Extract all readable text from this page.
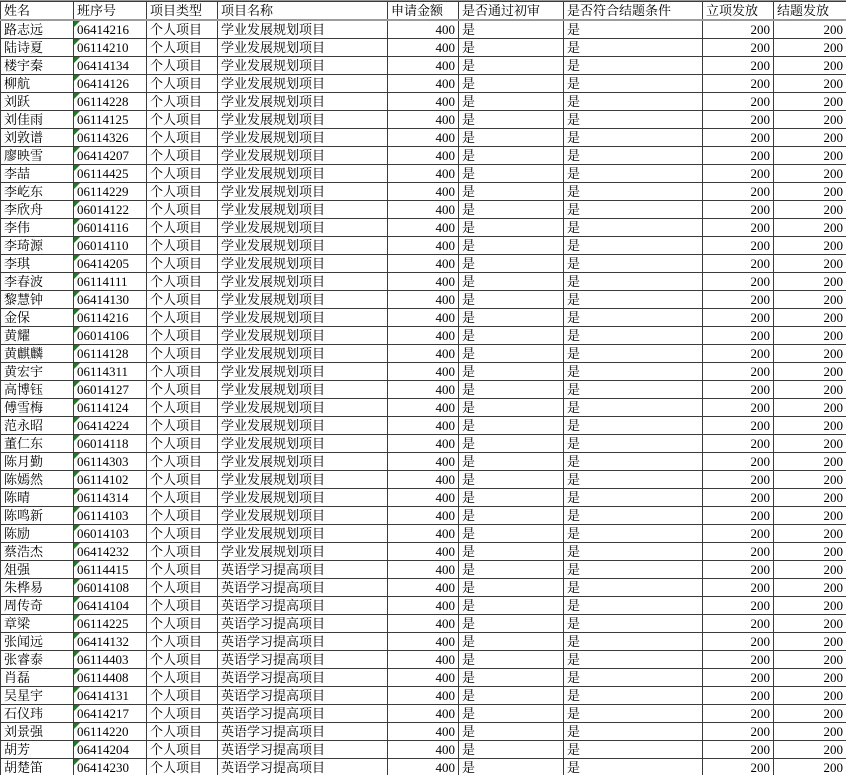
姓名	班序号	项目类型	项目名称	申请金额	是否通过初审	是否符合结题条件	立项发放	结题发放
路志远	06414216	个人项目	学业发展规划项目	400	是	是	200	200
陆诗夏	06114210	个人项目	学业发展规划项目	400	是	是	200	200
楼宇秦	06414134	个人项目	学业发展规划项目	400	是	是	200	200
柳航	06414126	个人项目	学业发展规划项目	400	是	是	200	200
刘跃	06114228	个人项目	学业发展规划项目	400	是	是	200	200
刘佳雨	06114125	个人项目	学业发展规划项目	400	是	是	200	200
刘敦谱	06114326	个人项目	学业发展规划项目	400	是	是	200	200
廖映雪	06414207	个人项目	学业发展规划项目	400	是	是	200	200
李喆	06114425	个人项目	学业发展规划项目	400	是	是	200	200
李屹东	06114229	个人项目	学业发展规划项目	400	是	是	200	200
李欣舟	06014122	个人项目	学业发展规划项目	400	是	是	200	200
李伟	06014116	个人项目	学业发展规划项目	400	是	是	200	200
李琦源	06014110	个人项目	学业发展规划项目	400	是	是	200	200
李琪	06414205	个人项目	学业发展规划项目	400	是	是	200	200
李春波	06114111	个人项目	学业发展规划项目	400	是	是	200	200
黎慧钟	06414130	个人项目	学业发展规划项目	400	是	是	200	200
金保	06114216	个人项目	学业发展规划项目	400	是	是	200	200
黄耀	06014106	个人项目	学业发展规划项目	400	是	是	200	200
黄麒麟	06114128	个人项目	学业发展规划项目	400	是	是	200	200
黄宏宇	06114311	个人项目	学业发展规划项目	400	是	是	200	200
高博钰	06014127	个人项目	学业发展规划项目	400	是	是	200	200
傅雪梅	06114124	个人项目	学业发展规划项目	400	是	是	200	200
范永昭	06414224	个人项目	学业发展规划项目	400	是	是	200	200
董仁东	06014118	个人项目	学业发展规划项目	400	是	是	200	200
陈月勤	06114303	个人项目	学业发展规划项目	400	是	是	200	200
陈嫣然	06114102	个人项目	学业发展规划项目	400	是	是	200	200
陈晴	06114314	个人项目	学业发展规划项目	400	是	是	200	200
陈鸣新	06114103	个人项目	学业发展规划项目	400	是	是	200	200
陈励	06014103	个人项目	学业发展规划项目	400	是	是	200	200
蔡浩杰	06414232	个人项目	学业发展规划项目	400	是	是	200	200
俎强	06114415	个人项目	英语学习提高项目	400	是	是	200	200
朱桦易	06014108	个人项目	英语学习提高项目	400	是	是	200	200
周传奇	06414104	个人项目	英语学习提高项目	400	是	是	200	200
章梁	06114225	个人项目	英语学习提高项目	400	是	是	200	200
张闻远	06414132	个人项目	英语学习提高项目	400	是	是	200	200
张睿泰	06114403	个人项目	英语学习提高项目	400	是	是	200	200
肖磊	06114408	个人项目	英语学习提高项目	400	是	是	200	200
吴星宇	06414131	个人项目	英语学习提高项目	400	是	是	200	200
石仪玮	06414217	个人项目	英语学习提高项目	400	是	是	200	200
刘景强	06114220	个人项目	英语学习提高项目	400	是	是	200	200
胡芳	06414204	个人项目	英语学习提高项目	400	是	是	200	200
胡楚笛	06414230	个人项目	英语学习提高项目	400	是	是	200	200
